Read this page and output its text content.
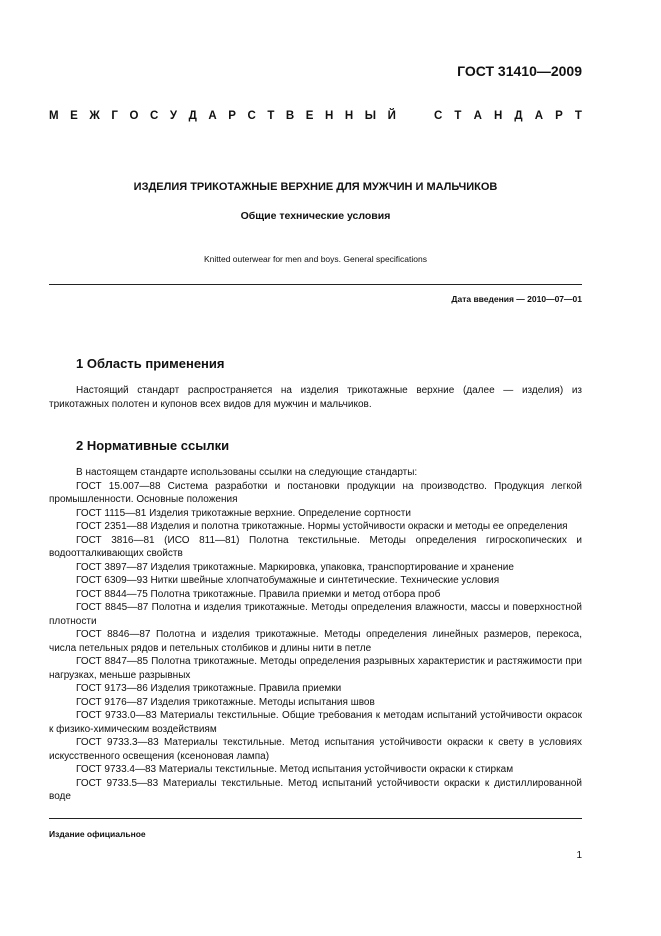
ГОСТ 31410—2009
М Е Ж Г О С У Д А Р С Т В Е Н Н Ы Й	С Т А Н Д А Р Т
ИЗДЕЛИЯ ТРИКОТАЖНЫЕ ВЕРХНИЕ ДЛЯ МУЖЧИН И МАЛЬЧИКОВ
Общие технические условия
Knitted outerwear for men and boys. General specifications
Дата введения — 2010—07—01
1 Область применения
Настоящий стандарт распространяется на изделия трикотажные верхние (далее — изделия) из трикотажных полотен и купонов всех видов для мужчин и мальчиков.
2 Нормативные ссылки
В настоящем стандарте использованы ссылки на следующие стандарты:
ГОСТ 15.007—88 Система разработки и постановки продукции на производство. Продукция легкой промышленности. Основные положения
ГОСТ 1115—81 Изделия трикотажные верхние. Определение сортности
ГОСТ 2351—88 Изделия и полотна трикотажные. Нормы устойчивости окраски и методы ее определения
ГОСТ 3816—81 (ИСО 811—81) Полотна текстильные. Методы определения гигроскопических и водоотталкивающих свойств
ГОСТ 3897—87 Изделия трикотажные. Маркировка, упаковка, транспортирование и хранение
ГОСТ 6309—93 Нитки швейные хлопчатобумажные и синтетические. Технические условия
ГОСТ 8844—75 Полотна трикотажные. Правила приемки и метод отбора проб
ГОСТ 8845—87 Полотна и изделия трикотажные. Методы определения влажности, массы и поверхностной плотности
ГОСТ 8846—87 Полотна и изделия трикотажные. Методы определения линейных размеров, перекоса, числа петельных рядов и петельных столбиков и длины нити в петле
ГОСТ 8847—85 Полотна трикотажные. Методы определения разрывных характеристик и растяжимости при нагрузках, меньше разрывных
ГОСТ 9173—86 Изделия трикотажные. Правила приемки
ГОСТ 9176—87 Изделия трикотажные. Методы испытания швов
ГОСТ 9733.0—83 Материалы текстильные. Общие требования к методам испытаний устойчивости окрасок к физико-химическим воздействиям
ГОСТ 9733.3—83 Материалы текстильные. Метод испытания устойчивости окраски к свету в условиях искусственного освещения (ксеноновая лампа)
ГОСТ 9733.4—83 Материалы текстильные. Метод испытания устойчивости окраски к стиркам
ГОСТ 9733.5—83 Материалы текстильные. Метод испытаний устойчивости окраски к дистиллированной воде
Издание официальное
1
